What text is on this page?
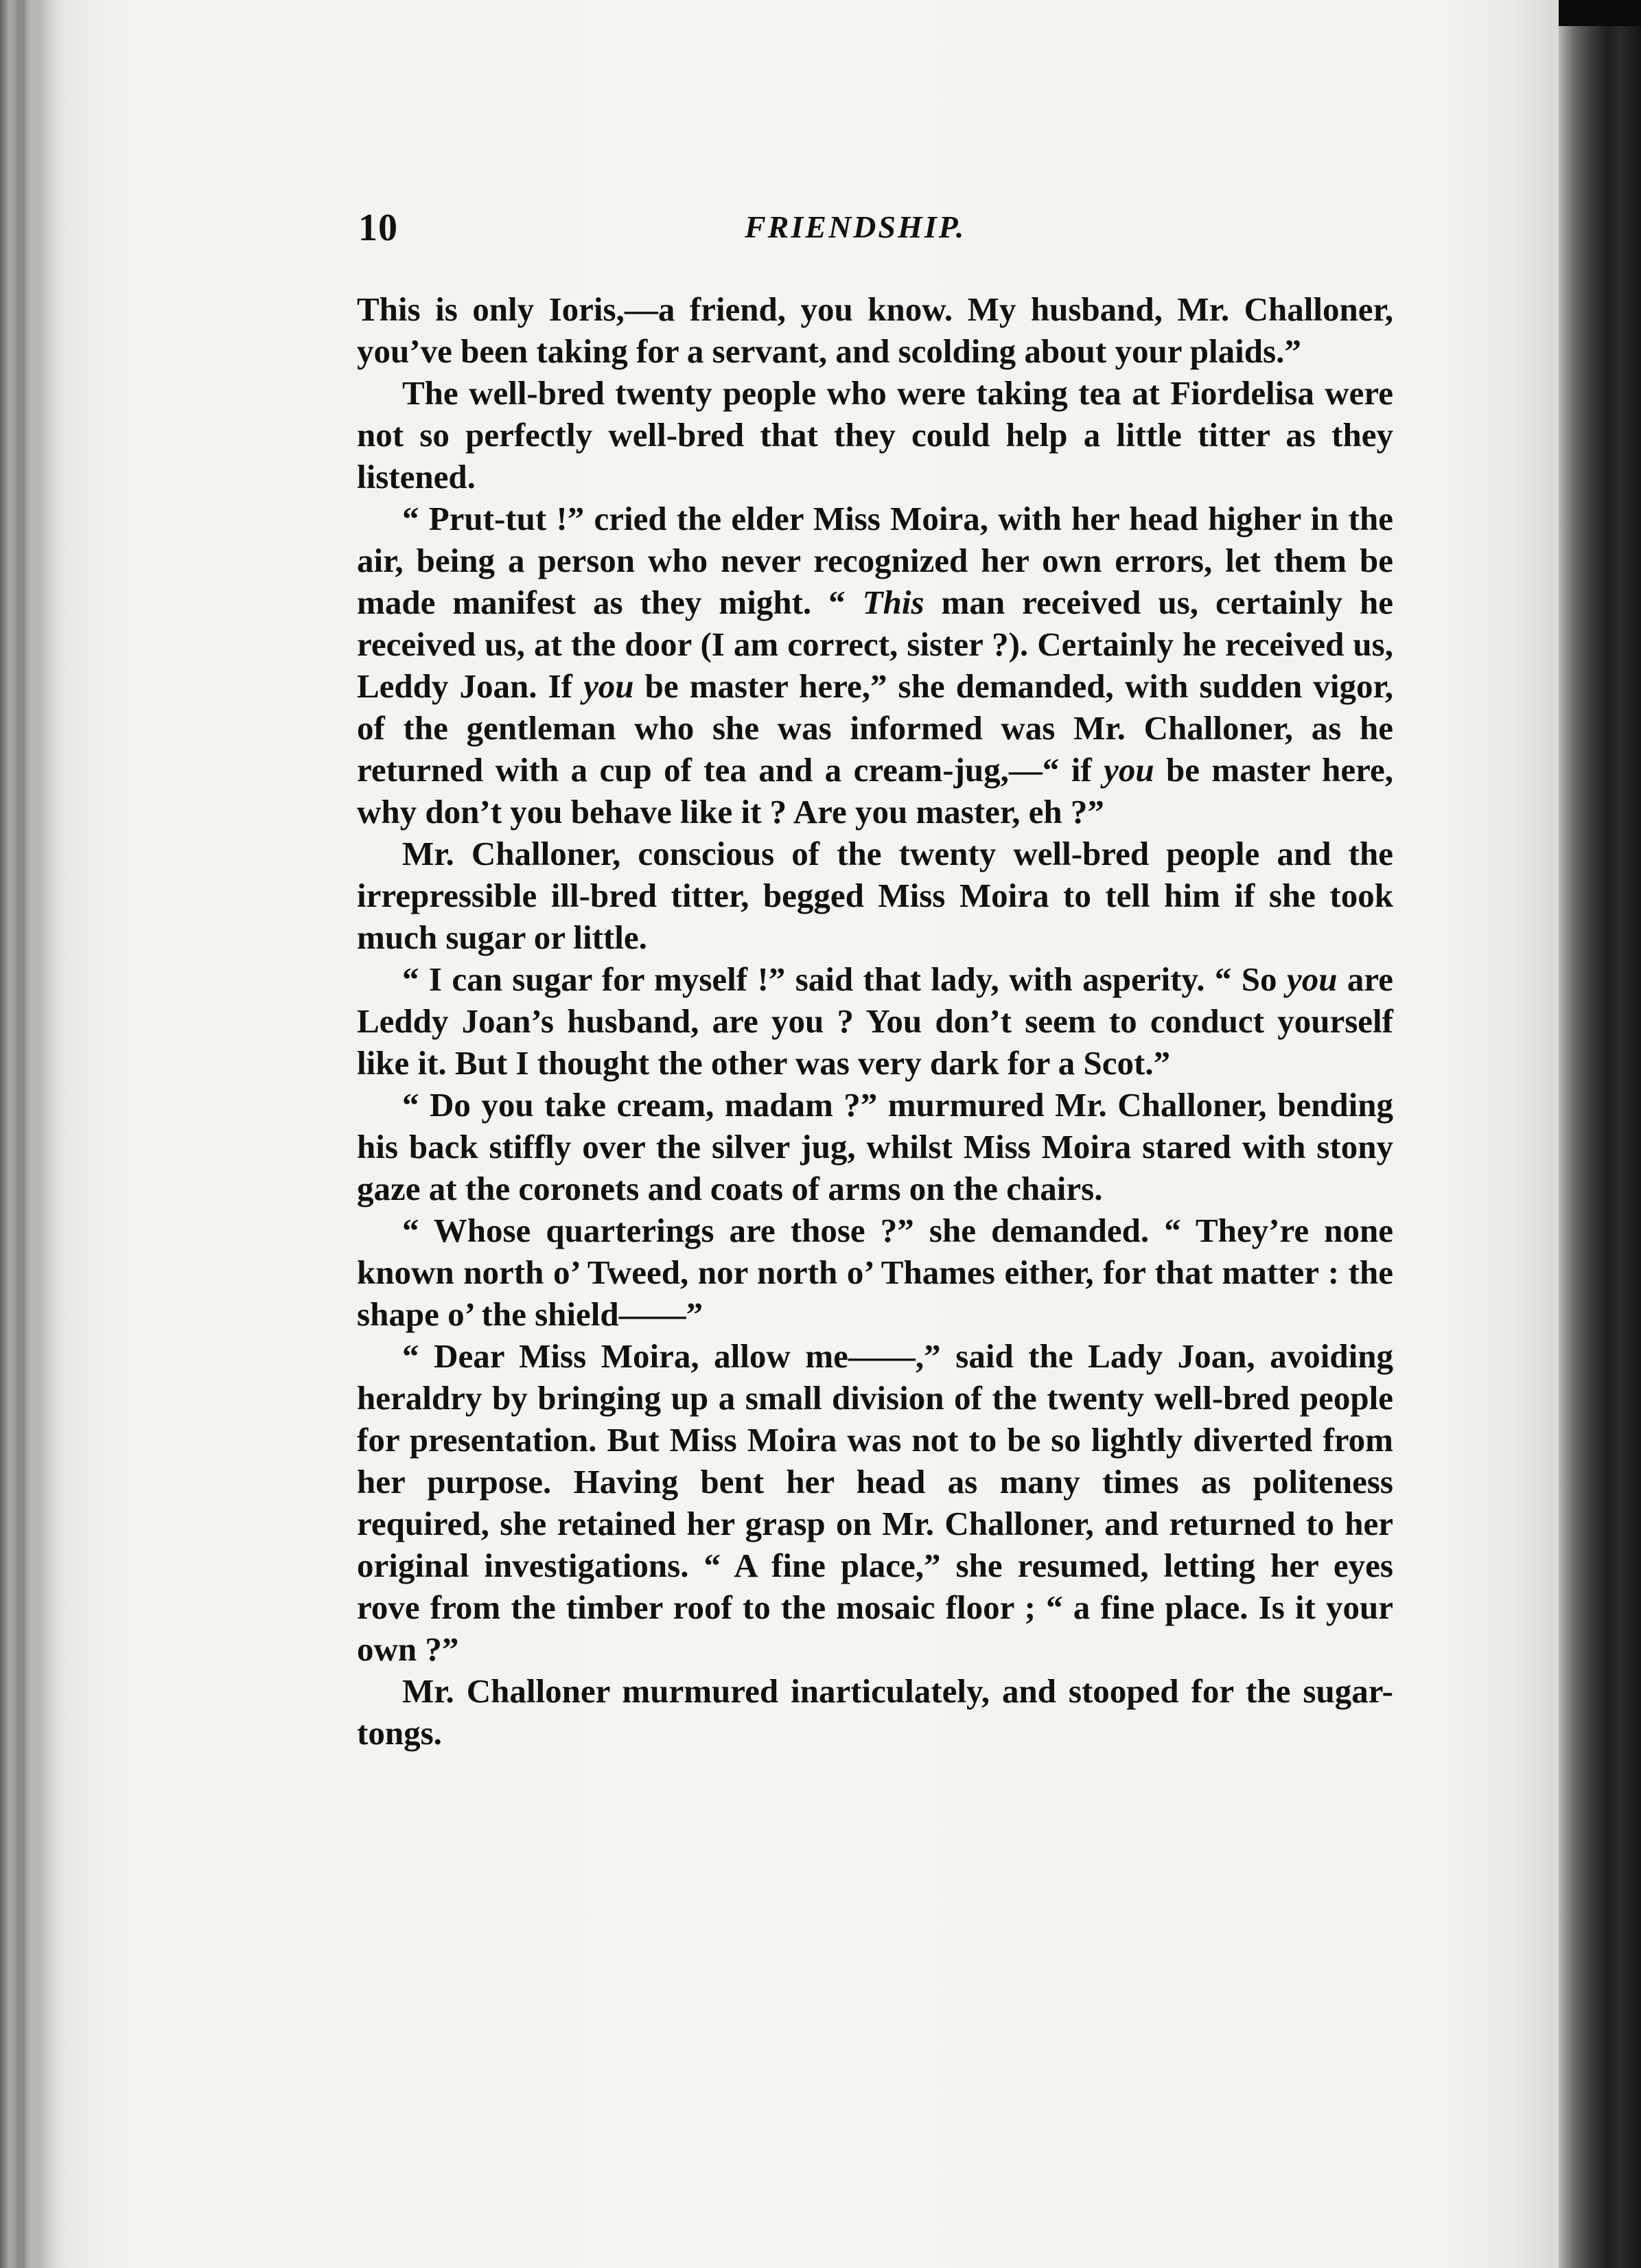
10	FRIENDSHIP.

This is only Ioris,—a friend, you know. My husband, Mr. Challoner, you’ve been taking for a servant, and scolding about your plaids.”

The well-bred twenty people who were taking tea at Fiordelisa were not so perfectly well-bred that they could help a little titter as they listened.

“ Prut-tut !” cried the elder Miss Moira, with her head higher in the air, being a person who never recognized her own errors, let them be made manifest as they might. “ This man received us, certainly he received us, at the door (I am correct, sister ?). Certainly he received us, Leddy Joan. If you be master here,” she demanded, with sudden vigor, of the gentleman who she was informed was Mr. Challoner, as he returned with a cup of tea and a cream-jug,—“ if you be master here, why don’t you behave like it ? Are you master, eh ?”

Mr. Challoner, conscious of the twenty well-bred people and the irrepressible ill-bred titter, begged Miss Moira to tell him if she took much sugar or little.

“ I can sugar for myself !” said that lady, with asperity. “ So you are Leddy Joan’s husband, are you ? You don’t seem to conduct yourself like it. But I thought the other was very dark for a Scot.”

“ Do you take cream, madam ?” murmured Mr. Challoner, bending his back stiffly over the silver jug, whilst Miss Moira stared with stony gaze at the coronets and coats of arms on the chairs.

“ Whose quarterings are those ?” she demanded. “ They’re none known north o’ Tweed, nor north o’ Thames either, for that matter : the shape o’ the shield——”

“ Dear Miss Moira, allow me——,” said the Lady Joan, avoiding heraldry by bringing up a small division of the twenty well-bred people for presentation. But Miss Moira was not to be so lightly diverted from her purpose. Having bent her head as many times as politeness required, she retained her grasp on Mr. Challoner, and returned to her original investigations. “ A fine place,” she resumed, letting her eyes rove from the timber roof to the mosaic floor ; “ a fine place. Is it your own ?”

Mr. Challoner murmured inarticulately, and stooped for the sugar-tongs.
